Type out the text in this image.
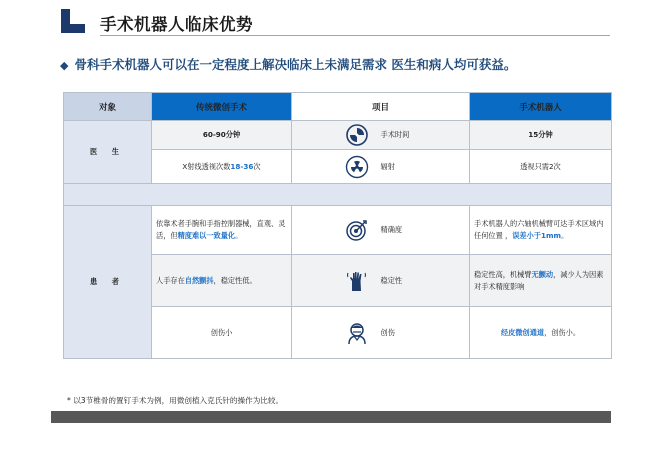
手术机器人临床优势
◆ 骨科手术机器人可以在一定程度上解决临床上未满足需求 医生和病人均可获益。
对象	传统微创手术	项目	手术机器人
医 生	60-90分钟	手术时间	15分钟
	X射线透视次数18-36次	辐射	透视只需2次

患 者	依靠术者手腕和手指控制器械，直观、灵活，但精度难以一致量化。	精确度	手术机器人的六轴机械臂可达手术区域内任何位置 ，误差小于1mm。
	人手存在自然颤抖，稳定性低。	稳定性	稳定性高，机械臂无颤动，减少人为因素对手术精度影响
	创伤小	创伤	经皮微创通道，创伤小。
* 以3节椎骨的置钉手术为例，用微创植入克氏针的操作为比较。
